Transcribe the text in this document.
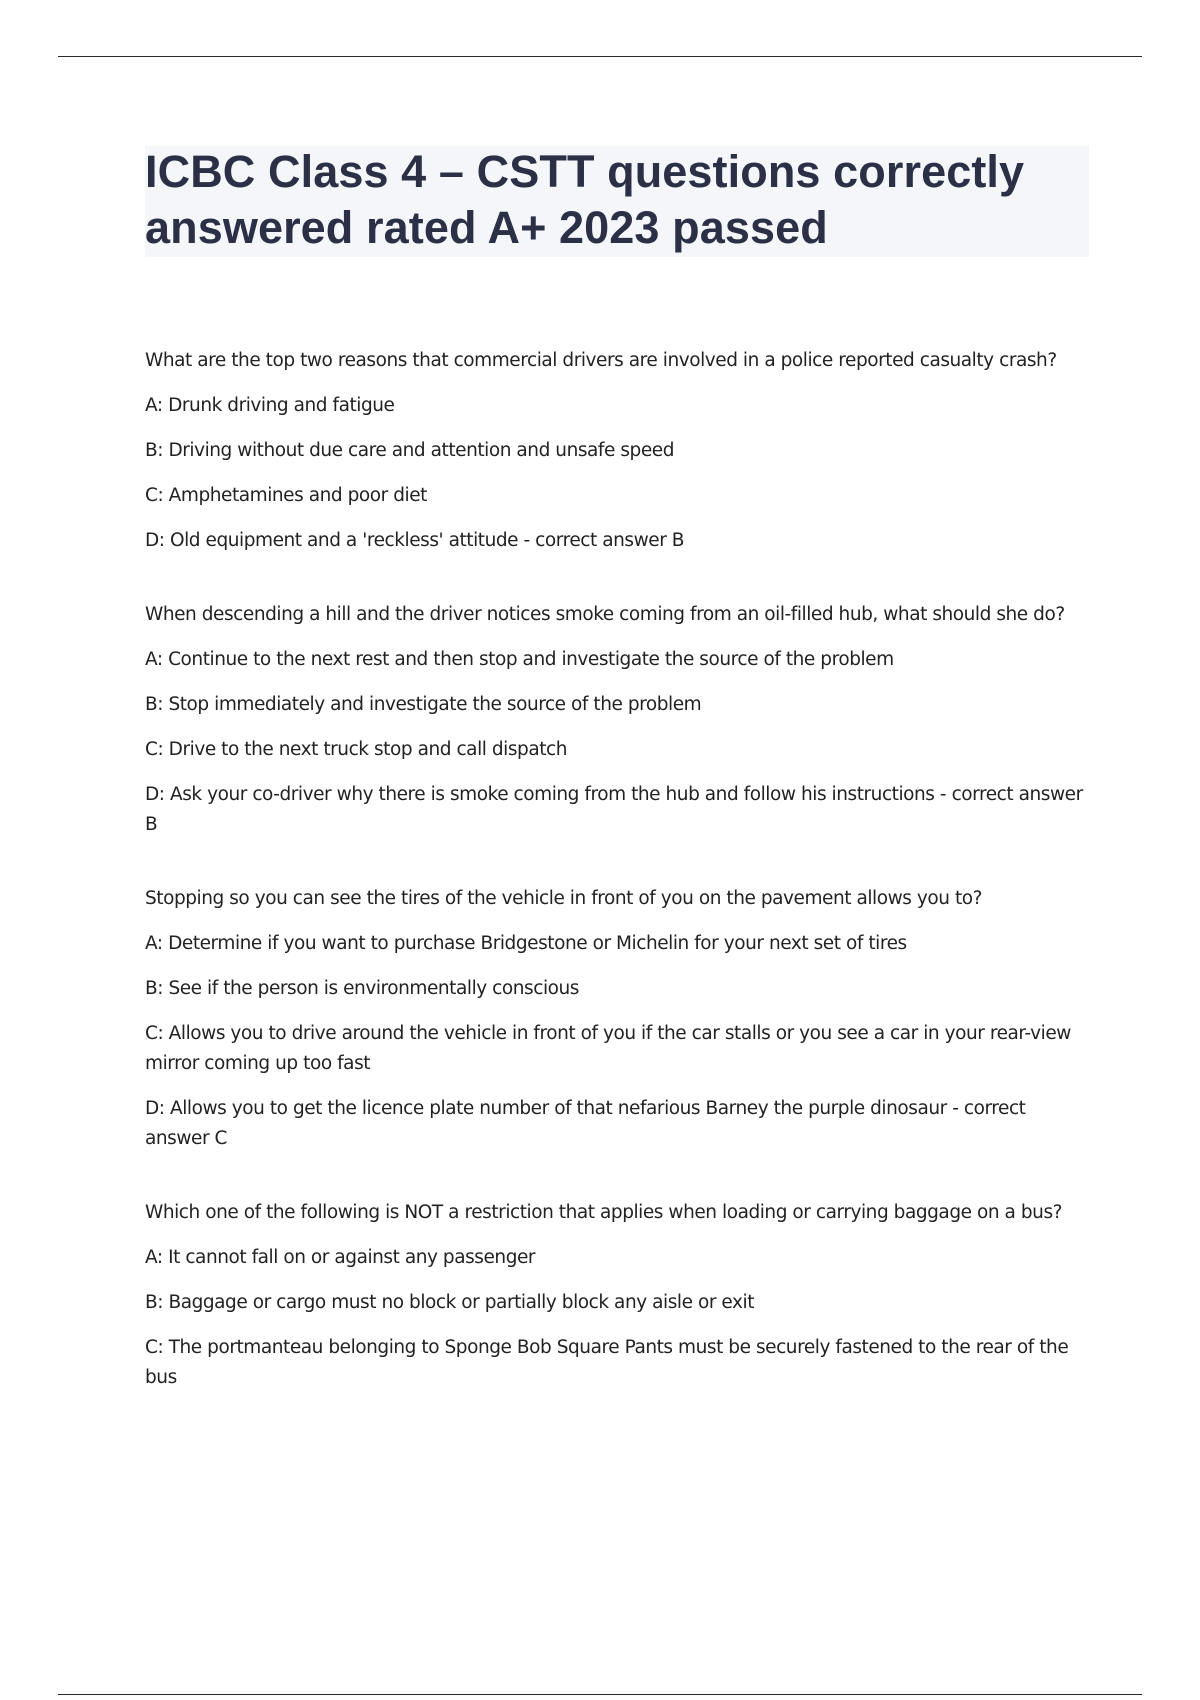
ICBC Class 4 – CSTT questions correctly answered rated A+ 2023 passed

What are the top two reasons that commercial drivers are involved in a police reported casualty crash?

A: Drunk driving and fatigue

B: Driving without due care and attention and unsafe speed

C: Amphetamines and poor diet

D: Old equipment and a 'reckless' attitude - correct answer B

When descending a hill and the driver notices smoke coming from an oil-filled hub, what should she do?

A: Continue to the next rest and then stop and investigate the source of the problem

B: Stop immediately and investigate the source of the problem

C: Drive to the next truck stop and call dispatch

D: Ask your co-driver why there is smoke coming from the hub and follow his instructions - correct answer B

Stopping so you can see the tires of the vehicle in front of you on the pavement allows you to?

A: Determine if you want to purchase Bridgestone or Michelin for your next set of tires

B: See if the person is environmentally conscious

C: Allows you to drive around the vehicle in front of you if the car stalls or you see a car in your rear-view mirror coming up too fast

D: Allows you to get the licence plate number of that nefarious Barney the purple dinosaur - correct answer C

Which one of the following is NOT a restriction that applies when loading or carrying baggage on a bus?

A: It cannot fall on or against any passenger

B: Baggage or cargo must no block or partially block any aisle or exit

C: The portmanteau belonging to Sponge Bob Square Pants must be securely fastened to the rear of the bus
